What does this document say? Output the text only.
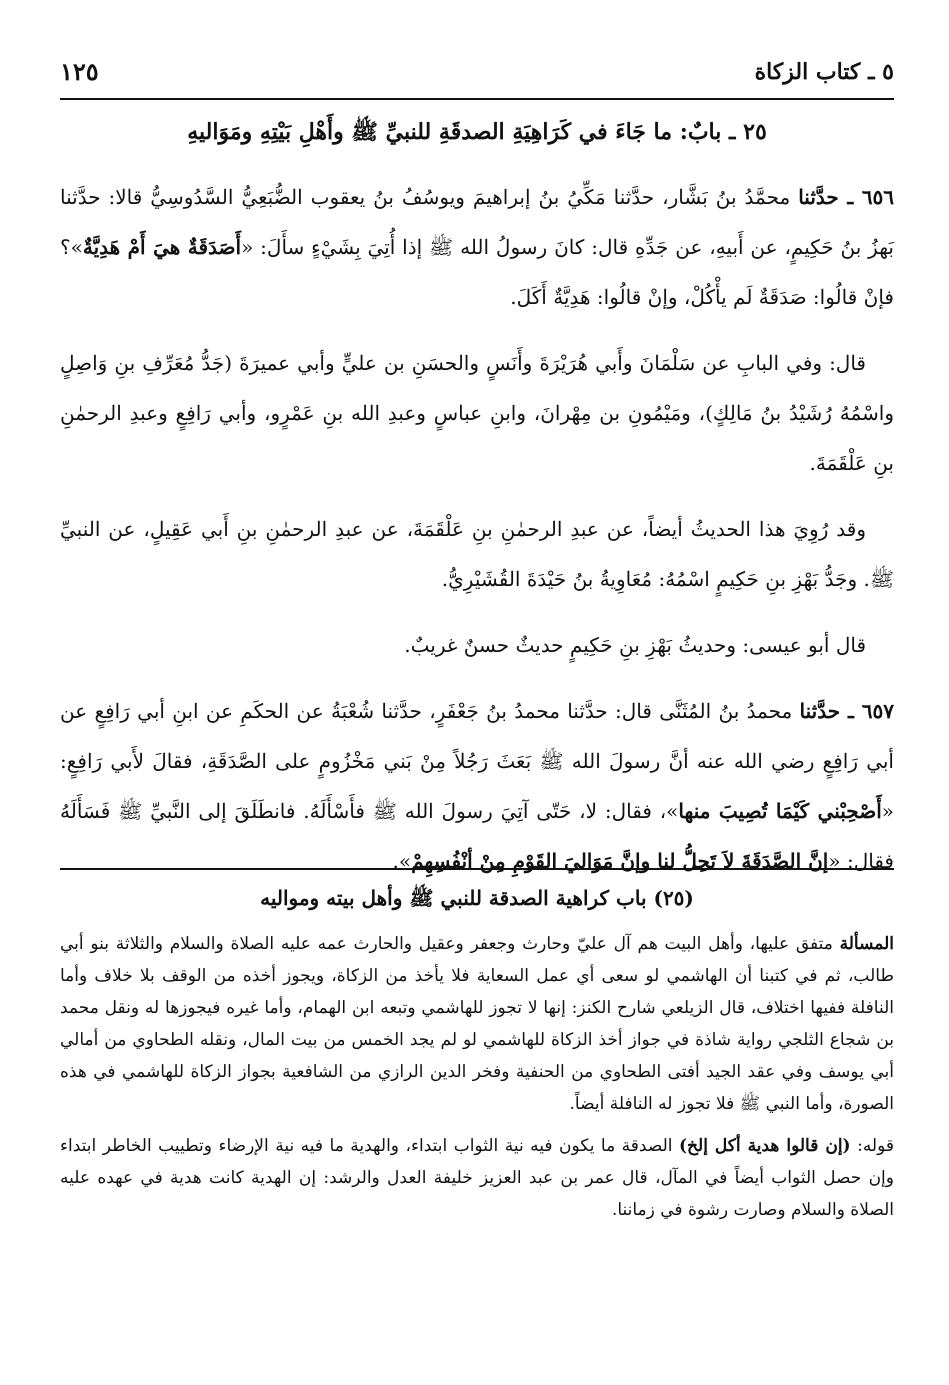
٥ ـ كتاب الزكاة
١٢٥
٢٥ ـ بابٌ: ما جَاءَ في كَرَاهِيَةِ الصدقَةِ للنبيِّ ﷺ وأَهْلِ بَيْتِهِ ومَوَاليهِ

٦٥٦ ـ حدَّثنا محمَّدُ بنُ بَشَّار، حدَّثنا مَكِّيُ بنُ إبراهيمَ ويوسُفُ بنُ يعقوب الضُّبَعِيُّ السَّدُوسِيُّ قالا: حدَّثنا بَهزُ بنُ حَكِيمٍ، عن أَبيهِ، عن جَدِّهِ قال: كانَ رسولُ الله ﷺ إذا أُتِيَ بِشَيْءٍ سأَلَ: «أَصَدَقَةٌ هيَ أَمْ هَدِيَّةٌ»؟ فإنْ قالُوا: صَدَقَةٌ لَم يأْكُلْ، وإنْ قالُوا: هَدِيَّةٌ أَكَلَ.

قال: وفي البابِ عن سَلْمَانَ وأَبي هُرَيْرَةَ وأَنَسٍ والحسَنِ بن عليٍّ وأبي عميرَةَ (جَدُّ مُعَرِّفِ بنِ وَاصِلٍ واسْمُهُ رُشَيْدُ بنُ مَالِكٍ)، ومَيْمُونِ بن مِهْرانَ، وابنِ عباسٍ وعبدِ الله بنِ عَمْرٍو، وأبي رَافِعٍ وعبدِ الرحمٰنِ بنِ عَلْقَمَةَ.

وقد رُوِيَ هذا الحديثُ أيضاً، عن عبدِ الرحمٰنِ بنِ عَلْقَمَةَ، عن عبدِ الرحمٰنِ بنِ أَبي عَقِيلٍ، عن النبيِّ ﷺ. وجَدُّ بَهْزِ بنِ حَكِيمٍ اسْمُهُ: مُعَاوِيةُ بنُ حَيْدَةَ القُشَيْرِيُّ.

قال أبو عيسى: وحديثُ بَهْزِ بنِ حَكِيمٍ حديثٌ حسنٌ غريبٌ.

٦٥٧ ـ حدَّثنا محمدُ بنُ المُثَنَّى قال: حدَّثنا محمدُ بنُ جَعْفَرٍ، حدَّثنا شُعْبَةُ عن الحكَمِ عن ابنِ أبي رَافِعٍ عن أبي رَافِعٍ رضي الله عنه أنَّ رسولَ الله ﷺ بَعَثَ رَجُلاً مِنْ بَني مَخْزُومٍ على الصَّدَقَةِ، فقالَ لأَبي رَافِعٍ: «أَصْحِبْني كَيْمَا تُصِيبَ منها»، فقال: لا، حَتّى آتِيَ رسولَ الله ﷺ فأَسْأَلَهُ. فانطَلَقَ إلى النَّبيِّ ﷺ فَسَأَلَهُ فقال: «إنَّ الصَّدَقَةَ لاَ تَحِلُّ لنا وإنَّ مَوَاليَ القَوْمِ مِنْ أنْفُسِهِمْ».

(٢٥) باب كراهية الصدقة للنبي ﷺ وأهل بيته ومواليه

المسألة متفق عليها، وأهل البيت هم آل عليّ وحارث وجعفر وعقيل والحارث عمه عليه الصلاة والسلام والثلاثة بنو أبي طالب، ثم في كتبنا أن الهاشمي لو سعى أي عمل السعاية فلا يأخذ من الزكاة، ويجوز أخذه من الوقف بلا خلاف وأما النافلة ففيها اختلاف، قال الزيلعي شارح الكنز: إنها لا تجوز للهاشمي وتبعه ابن الهمام، وأما غيره فيجوزها له ونقل محمد بن شجاع الثلجي رواية شاذة في جواز أخذ الزكاة للهاشمي لو لم يجد الخمس من بيت المال، ونقله الطحاوي من أمالي أبي يوسف وفي عقد الجيد أفتى الطحاوي من الحنفية وفخر الدين الرازي من الشافعية بجواز الزكاة للهاشمي في هذه الصورة، وأما النبي ﷺ فلا تجوز له النافلة أيضاً.

قوله: (إن قالوا هدية أكل إلخ) الصدقة ما يكون فيه نية الثواب ابتداء، والهدية ما فيه نية الإرضاء وتطييب الخاطر ابتداء وإن حصل الثواب أيضاً في المآل، قال عمر بن عبد العزيز خليفة العدل والرشد: إن الهدية كانت هدية في عهده عليه الصلاة والسلام وصارت رشوة في زماننا.
